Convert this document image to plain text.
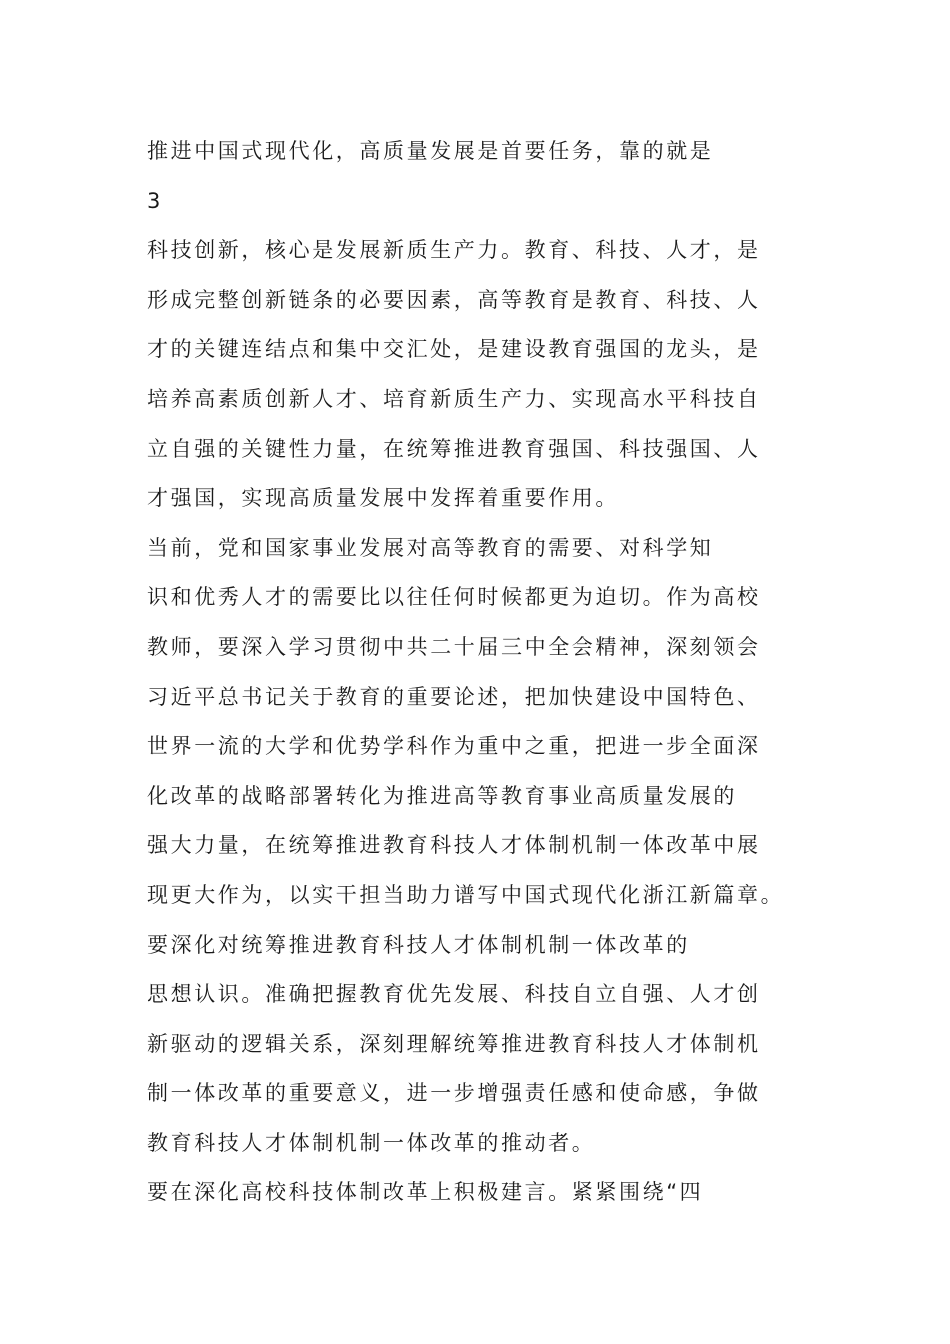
推进中国式现代化，高质量发展是首要任务，靠的就是
3
科技创新，核心是发展新质生产力。教育、科技、人才，是
形成完整创新链条的必要因素，高等教育是教育、科技、人
才的关键连结点和集中交汇处，是建设教育强国的龙头，是
培养高素质创新人才、培育新质生产力、实现高水平科技自
立自强的关键性力量，在统筹推进教育强国、科技强国、人
才强国，实现高质量发展中发挥着重要作用。
当前，党和国家事业发展对高等教育的需要、对科学知
识和优秀人才的需要比以往任何时候都更为迫切。作为高校
教师，要深入学习贯彻中共二十届三中全会精神，深刻领会
习近平总书记关于教育的重要论述，把加快建设中国特色、
世界一流的大学和优势学科作为重中之重，把进一步全面深
化改革的战略部署转化为推进高等教育事业高质量发展的
强大力量，在统筹推进教育科技人才体制机制一体改革中展
现更大作为，以实干担当助力谱写中国式现代化浙江新篇章。
要深化对统筹推进教育科技人才体制机制一体改革的
思想认识。准确把握教育优先发展、科技自立自强、人才创
新驱动的逻辑关系，深刻理解统筹推进教育科技人才体制机
制一体改革的重要意义，进一步增强责任感和使命感，争做
教育科技人才体制机制一体改革的推动者。
要在深化高校科技体制改革上积极建言。紧紧围绕“四
